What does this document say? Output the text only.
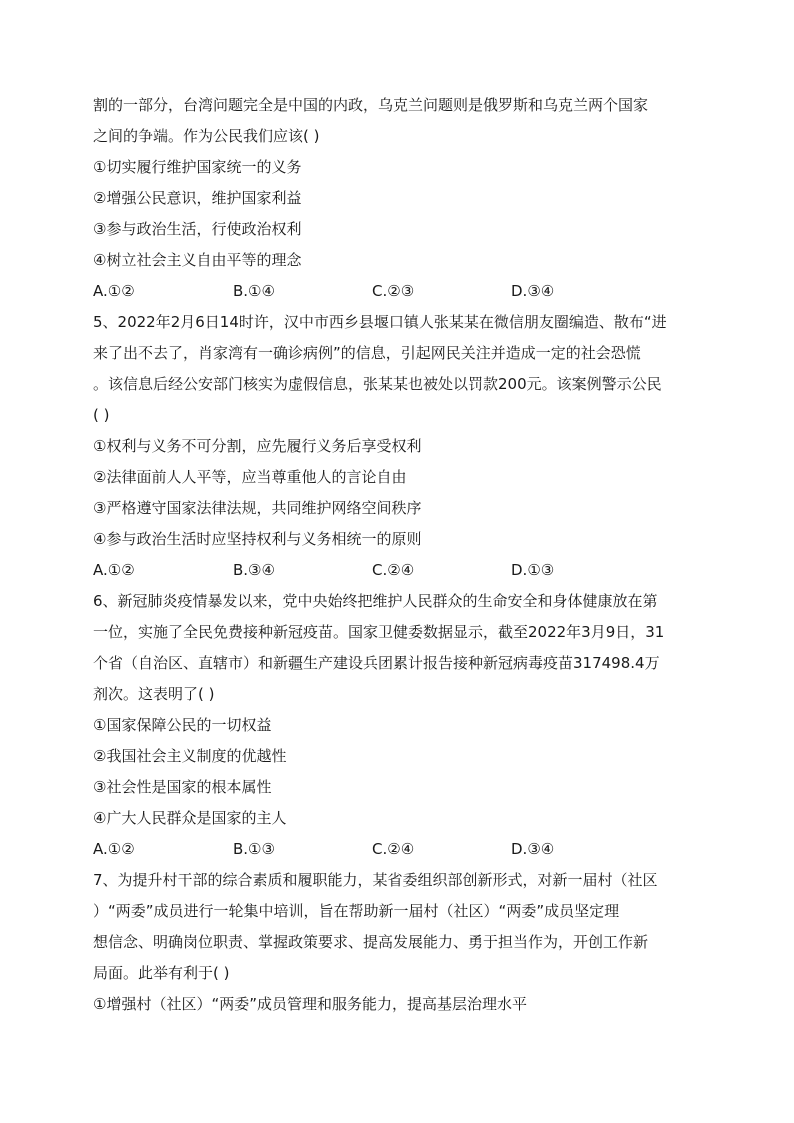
割的一部分，台湾问题完全是中国的内政，乌克兰问题则是俄罗斯和乌克兰两个国家

之间的争端。作为公民我们应该( )

①切实履行维护国家统一的义务

②增强公民意识，维护国家利益

③参与政治生活，行使政治权利

④树立社会主义自由平等的理念

A.①②	B.①④	C.②③	D.③④

5、2022年2月6日14时许，汉中市西乡县堰口镇人张某某在微信朋友圈编造、散布“进

来了出不去了，肖家湾有一确诊病例”的信息，引起网民关注并造成一定的社会恐慌

。该信息后经公安部门核实为虚假信息，张某某也被处以罚款200元。该案例警示公民

( )

①权利与义务不可分割，应先履行义务后享受权利

②法律面前人人平等，应当尊重他人的言论自由

③严格遵守国家法律法规，共同维护网络空间秩序

④参与政治生活时应坚持权利与义务相统一的原则

A.①②	B.③④	C.②④	D.①③

6、新冠肺炎疫情暴发以来，党中央始终把维护人民群众的生命安全和身体健康放在第

一位，实施了全民免费接种新冠疫苗。国家卫健委数据显示，截至2022年3月9日，31

个省（自治区、直辖市）和新疆生产建设兵团累计报告接种新冠病毒疫苗317498.4万

剂次。这表明了( )

①国家保障公民的一切权益

②我国社会主义制度的优越性

③社会性是国家的根本属性

④广大人民群众是国家的主人

A.①②	B.①③	C.②④	D.③④

7、为提升村干部的综合素质和履职能力，某省委组织部创新形式，对新一届村（社区

）“两委”成员进行一轮集中培训，旨在帮助新一届村（社区）“两委”成员坚定理

想信念、明确岗位职责、掌握政策要求、提高发展能力、勇于担当作为，开创工作新

局面。此举有利于( )

①增强村（社区）“两委”成员管理和服务能力，提高基层治理水平
